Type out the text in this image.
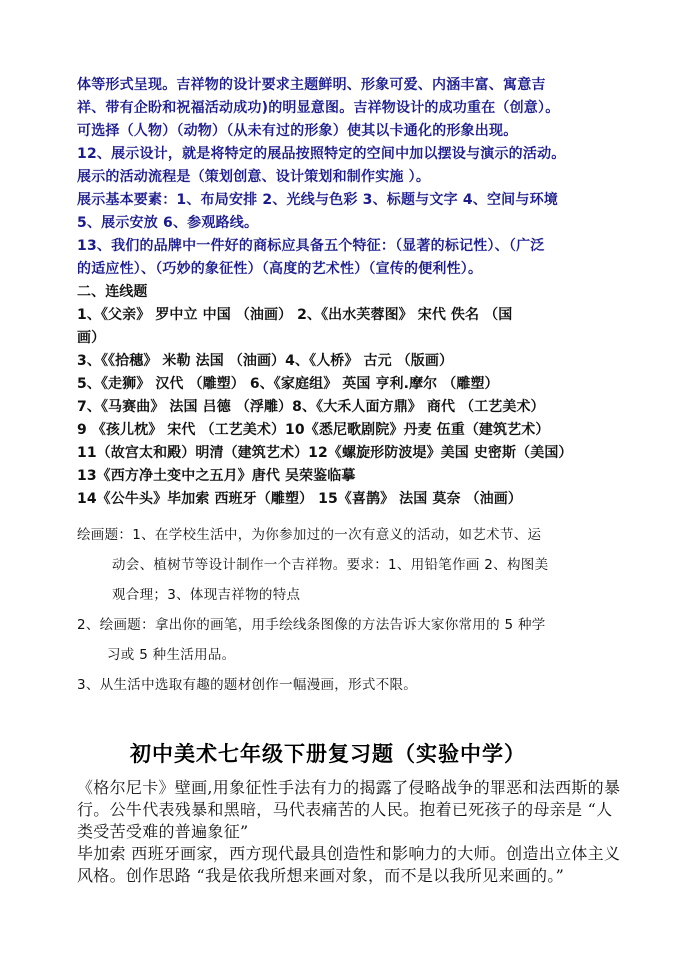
体等形式呈现。吉祥物的设计要求主题鲜明、形象可爱、内涵丰富、寓意吉
祥、带有企盼和祝福活动成功)的明显意图。吉祥物设计的成功重在（创意）。
可选择（人物）（动物）（从未有过的形象）使其以卡通化的形象出现。
12、展示设计，就是将特定的展品按照特定的空间中加以摆设与演示的活动。
展示的活动流程是（策划创意、设计策划和制作实施 ）。
展示基本要素：1、布局安排 2、光线与色彩 3、标题与文字 4、空间与环境
5、展示安放 6、参观路线。
13、我们的品牌中一件好的商标应具备五个特征：（显著的标记性）、（广泛
的适应性）、（巧妙的象征性）（高度的艺术性）（宣传的便利性）。
二、连线题
1、《父亲》 罗中立 中国 （油画） 2、《出水芙蓉图》 宋代 佚名 （国
画）
3、《《拾穗》 米勒 法国 （油画）4、《人桥》 古元 （版画）
5、《走狮》 汉代 （雕塑） 6、《家庭组》 英国 亨利.摩尔 （雕塑）
7、《马赛曲》 法国 吕德 （浮雕）8、《大禾人面方鼎》 商代 （工艺美术）
9 《孩儿枕》 宋代 （工艺美术）10《悉尼歌剧院》丹麦 伍重（建筑艺术）
11（故宫太和殿）明清（建筑艺术）12《螺旋形防波堤》美国 史密斯（美国）
13《西方净土变中之五月》唐代 吴荣鉴临摹
14《公牛头》毕加索 西班牙（雕塑） 15《喜鹊》 法国 莫奈 （油画）
绘画题：1、在学校生活中，为你参加过的一次有意义的活动，如艺术节、运
动会、植树节等设计制作一个吉祥物。要求：1、用铅笔作画 2、构图美
观合理；3、体现吉祥物的特点
2、绘画题：拿出你的画笔，用手绘线条图像的方法告诉大家你常用的 5 种学
习或 5 种生活用品。
3、从生活中选取有趣的题材创作一幅漫画，形式不限。
初中美术七年级下册复习题（实验中学）
《格尔尼卡》壁画,用象征性手法有力的揭露了侵略战争的罪恶和法西斯的暴
行。公牛代表残暴和黑暗，马代表痛苦的人民。抱着已死孩子的母亲是 “人
类受苦受难的普遍象征”
毕加索 西班牙画家，西方现代最具创造性和影响力的大师。创造出立体主义
风格。创作思路 “我是依我所想来画对象，而不是以我所见来画的。”
